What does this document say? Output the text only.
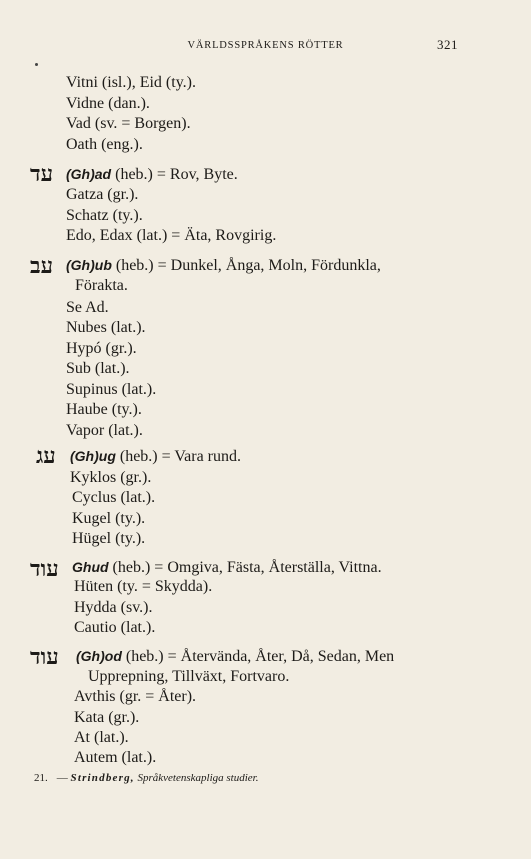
VÄRLDSSPRÅKENS RÖTTER	321
Vitni (isl.), Eid (ty.).
Vidne (dan.).
Vad (sv. = Borgen).
Oath (eng.).
עד (Gh)ad (heb.) = Rov, Byte.
Gatza (gr.).
Schatz (ty.).
Edo, Edax (lat.) = Äta, Rovgirig.
עב (Gh)ub (heb.) = Dunkel, Ånga, Moln, Fördunkla,
Förakta.
Se Ad.
Nubes (lat.).
Hypó (gr.).
Sub (lat.).
Supinus (lat.).
Haube (ty.).
Vapor (lat.).
עג (Gh)ug (heb.) = Vara rund.
Kyklos (gr.).
Cyclus (lat.).
Kugel (ty.).
Hügel (ty.).
עוד Ghud (heb.) = Omgiva, Fästa, Återställa, Vittna.
Hüten (ty. = Skydda).
Hydda (sv.).
Cautio (lat.).
עוד (Gh)od (heb.) = Återvända, Åter, Då, Sedan, Men
Upprepning, Tillväxt, Fortvaro.
Avthis (gr. = Åter).
Kata (gr.).
At (lat.).
Autem (lat.).
21. — Strindberg, Språkvetenskapliga studier.
